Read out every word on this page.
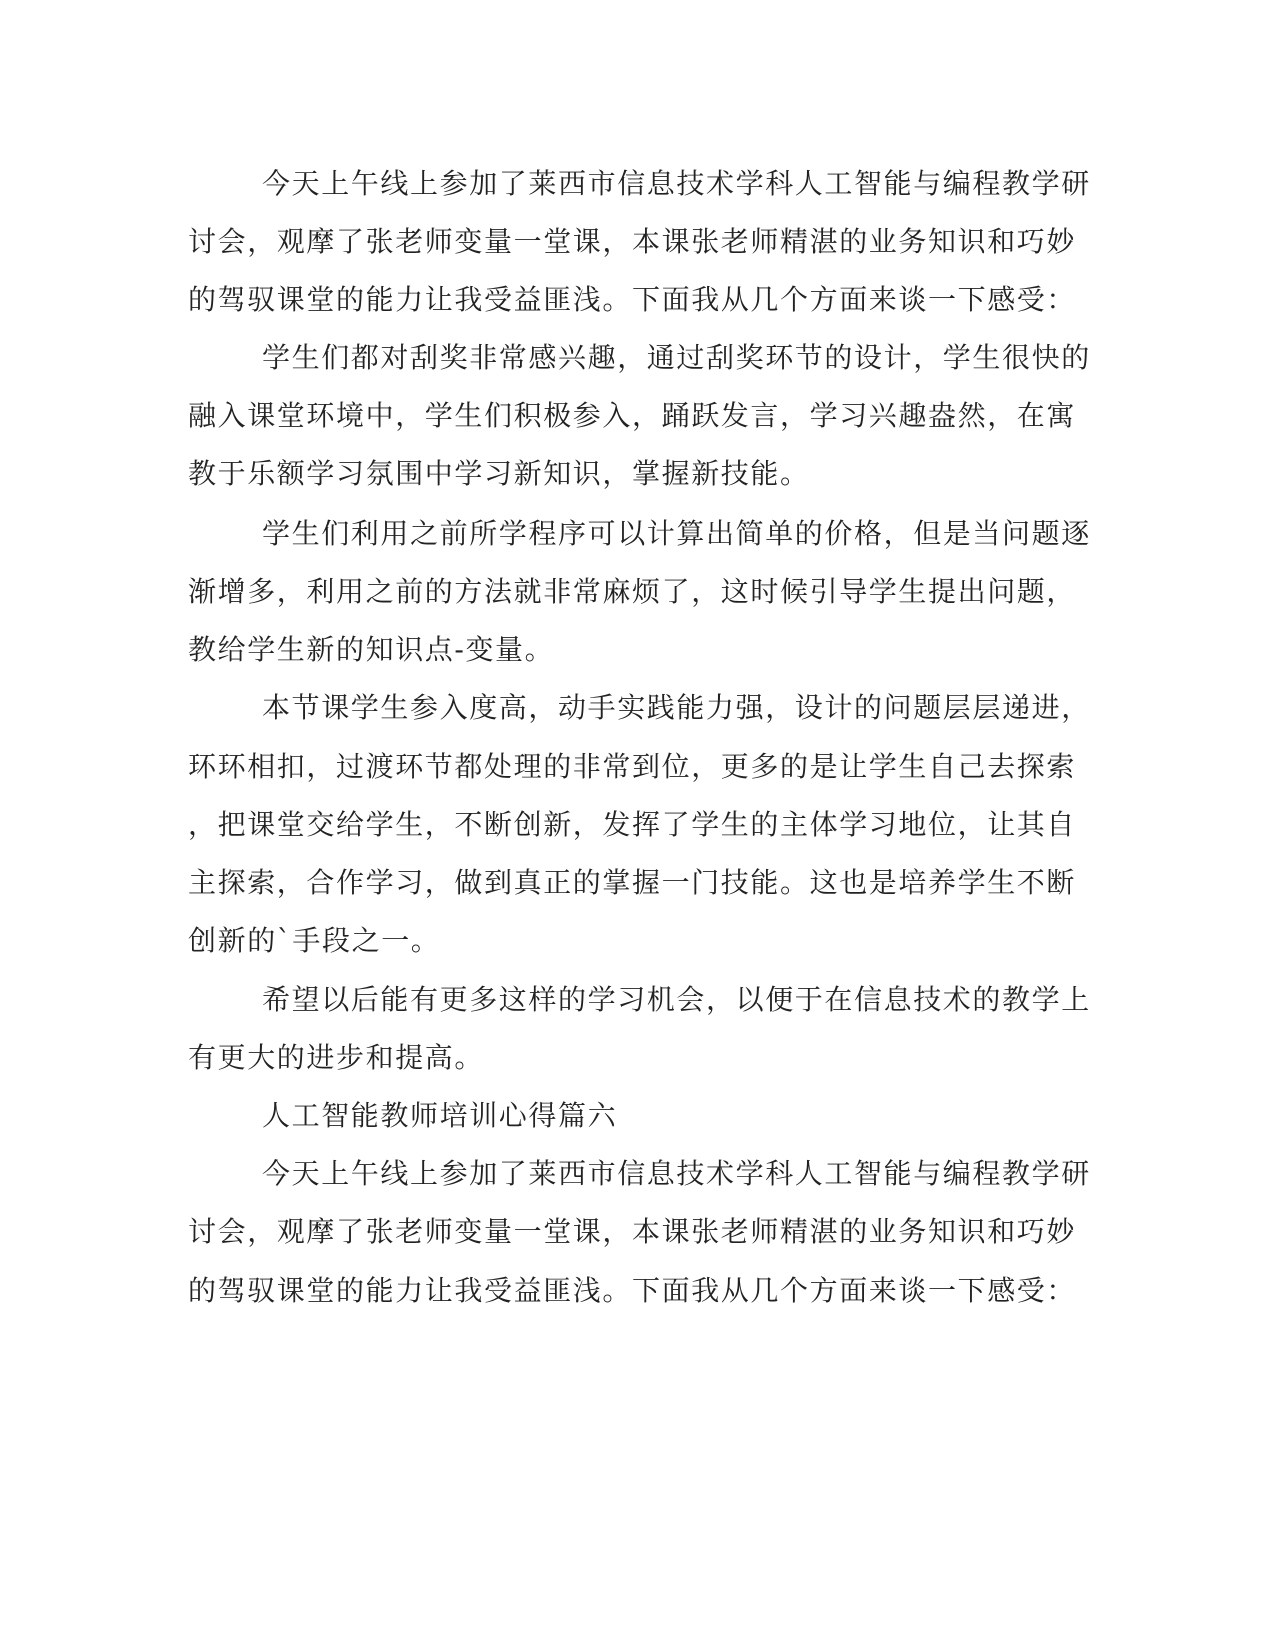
今天上午线上参加了莱西市信息技术学科人工智能与编程教学研

讨会，观摩了张老师变量一堂课，本课张老师精湛的业务知识和巧妙

的驾驭课堂的能力让我受益匪浅。下面我从几个方面来谈一下感受：

学生们都对刮奖非常感兴趣，通过刮奖环节的设计，学生很快的

融入课堂环境中，学生们积极参入，踊跃发言，学习兴趣盎然，在寓

教于乐额学习氛围中学习新知识，掌握新技能。

学生们利用之前所学程序可以计算出简单的价格，但是当问题逐

渐增多，利用之前的方法就非常麻烦了，这时候引导学生提出问题，

教给学生新的知识点-变量。

本节课学生参入度高，动手实践能力强，设计的问题层层递进，

环环相扣，过渡环节都处理的非常到位，更多的是让学生自己去探索

，把课堂交给学生，不断创新，发挥了学生的主体学习地位，让其自

主探索，合作学习，做到真正的掌握一门技能。这也是培养学生不断

创新的`手段之一。

希望以后能有更多这样的学习机会，以便于在信息技术的教学上

有更大的进步和提高。

人工智能教师培训心得篇六

今天上午线上参加了莱西市信息技术学科人工智能与编程教学研

讨会，观摩了张老师变量一堂课，本课张老师精湛的业务知识和巧妙

的驾驭课堂的能力让我受益匪浅。下面我从几个方面来谈一下感受：
